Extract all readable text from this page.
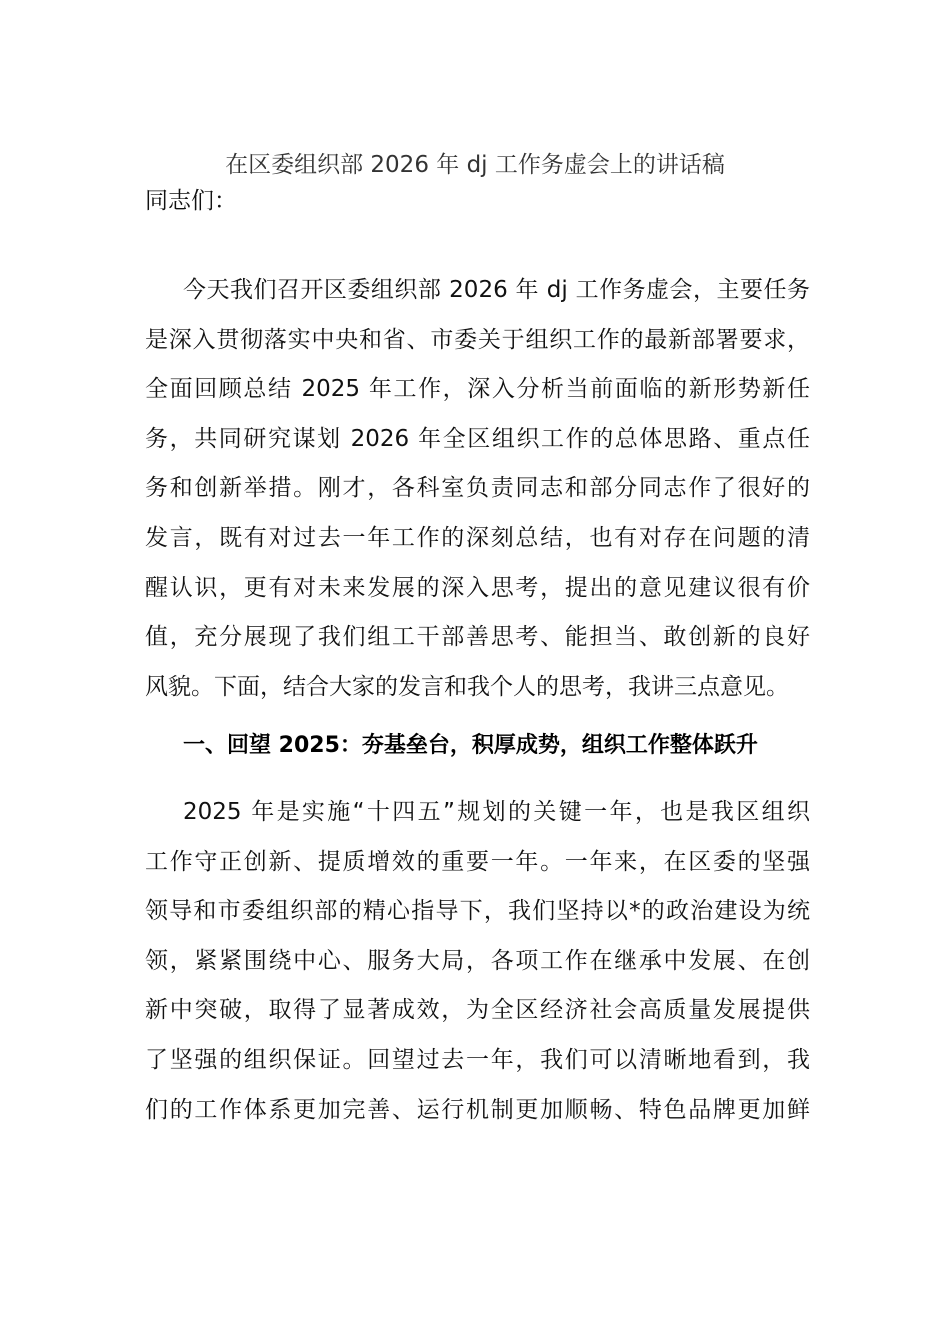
在区委组织部 2026 年 dj 工作务虚会上的讲话稿
同志们：
今天我们召开区委组织部 2026 年 dj 工作务虚会，主要任务
是深入贯彻落实中央和省、市委关于组织工作的最新部署要求，
全面回顾总结 2025 年工作，深入分析当前面临的新形势新任
务，共同研究谋划 2026 年全区组织工作的总体思路、重点任
务和创新举措。刚才，各科室负责同志和部分同志作了很好的
发言，既有对过去一年工作的深刻总结，也有对存在问题的清
醒认识，更有对未来发展的深入思考，提出的意见建议很有价
值，充分展现了我们组工干部善思考、能担当、敢创新的良好
风貌。下面，结合大家的发言和我个人的思考，我讲三点意见。
一、回望 2025：夯基垒台，积厚成势，组织工作整体跃升
2025 年是实施“十四五”规划的关键一年，也是我区组织
工作守正创新、提质增效的重要一年。一年来，在区委的坚强
领导和市委组织部的精心指导下，我们坚持以*的政治建设为统
领，紧紧围绕中心、服务大局，各项工作在继承中发展、在创
新中突破，取得了显著成效，为全区经济社会高质量发展提供
了坚强的组织保证。回望过去一年，我们可以清晰地看到，我
们的工作体系更加完善、运行机制更加顺畅、特色品牌更加鲜
